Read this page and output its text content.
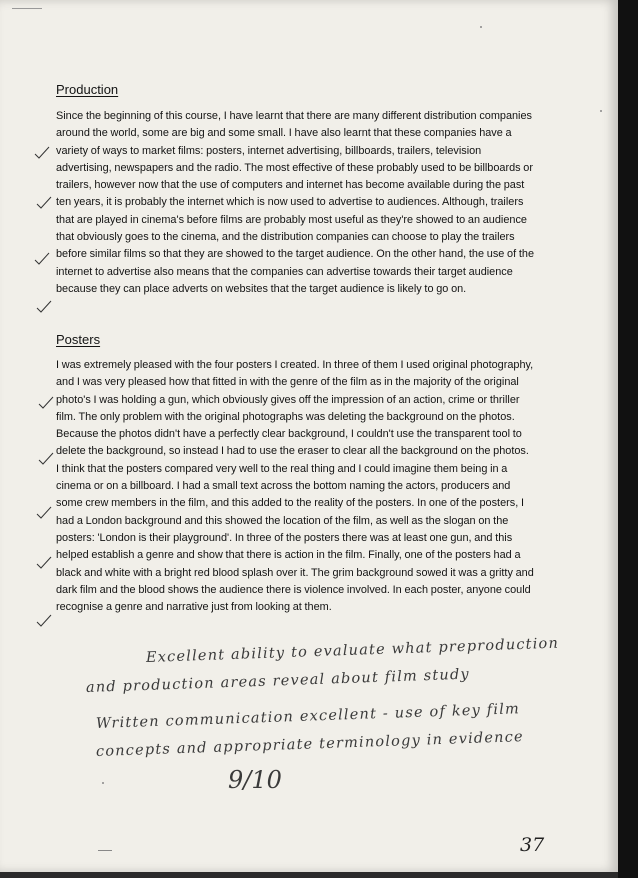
Production

Since the beginning of this course, I have learnt that there are many different distribution companies around the world, some are big and some small. I have also learnt that these companies have a variety of ways to market films: posters, internet advertising, billboards, trailers, television advertising, newspapers and the radio. The most effective of these probably used to be billboards or trailers, however now that the use of computers and internet has become available during the past ten years, it is probably the internet which is now used to advertise to audiences. Although, trailers that are played in cinema's before films are probably most useful as they're showed to an audience that obviously goes to the cinema, and the distribution companies can choose to play the trailers before similar films so that they are showed to the target audience. On the other hand, the use of the internet to advertise also means that the companies can advertise towards their target audience because they can place adverts on websites that the target audience is likely to go on.

Posters

I was extremely pleased with the four posters I created. In three of them I used original photography, and I was very pleased how that fitted in with the genre of the film as in the majority of the original photo's I was holding a gun, which obviously gives off the impression of an action, crime or thriller film. The only problem with the original photographs was deleting the background on the photos. Because the photos didn't have a perfectly clear background, I couldn't use the transparent tool to delete the background, so instead I had to use the eraser to clear all the background on the photos. I think that the posters compared very well to the real thing and I could imagine them being in a cinema or on a billboard. I had a small text across the bottom naming the actors, producers and some crew members in the film, and this added to the reality of the posters. In one of the posters, I had a London background and this showed the location of the film, as well as the slogan on the posters: 'London is their playground'. In three of the posters there was at least one gun, and this helped establish a genre and show that there is action in the film. Finally, one of the posters had a black and white with a bright red blood splash over it. The grim background sowed it was a gritty and dark film and the blood shows the audience there is violence involved. In each poster, anyone could recognise a genre and narrative just from looking at them.

Excellent ability to evaluate what preproduction
and production areas reveal about film study
Written communication excellent - use of key film
concepts and appropriate terminology in evidence
9/10
37
